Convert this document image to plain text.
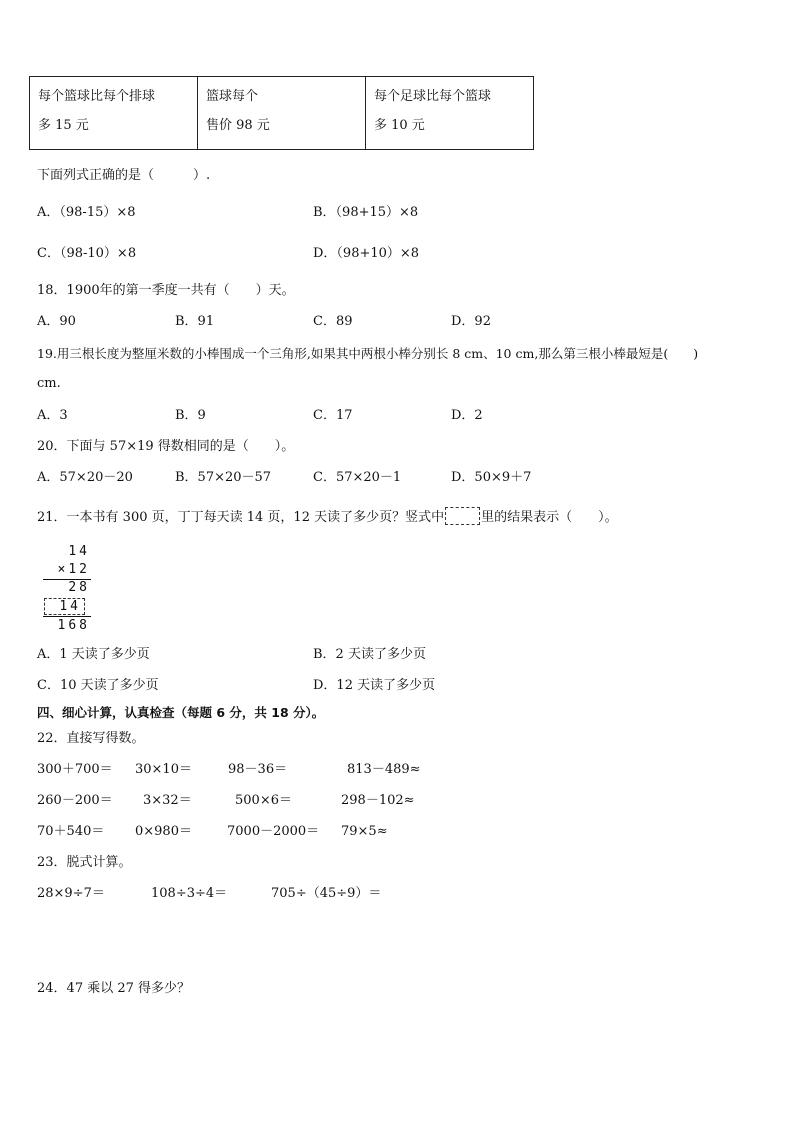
每个篮球比每个排球
多 15 元

篮球每个
售价 98 元

每个足球比每个篮球
多 10 元
下面列式正确的是（　　　）.
A．（98-15）×8	B．（98+15）×8
C．（98-10）×8	D．（98+10）×8
18．1900年的第一季度一共有（　　）天。
A．90	B．91	C．89	D．92
19.用三根长度为整厘米数的小棒围成一个三角形,如果其中两根小棒分别长 8 cm、10 cm,那么第三根小棒最短是(　　)
cm.
A．3	B．9	C．17	D．2
20．下面与 57×19 得数相同的是（　　）。
A．57×20－20	B．57×20－57	C．57×20－1	D．50×9＋7
21．一本书有 300 页，丁丁每天读 14 页，12 天读了多少页？竖式中	里的结果表示（　　）。
14
×12
28
14
168
A．1 天读了多少页	B．2 天读了多少页
C．10 天读了多少页	D．12 天读了多少页
四、细心计算，认真检查（每题 6 分，共 18 分）。
22．直接写得数。
300＋700＝ 30×10＝	98－36＝	813－489≈
260－200＝ 3×32＝	500×6＝	298－102≈
70＋540＝ 0×980＝	7000－2000＝ 79×5≈
23．脱式计算。
28×9÷7＝	108÷3÷4＝	705÷（45÷9）＝
24．47 乘以 27 得多少？
